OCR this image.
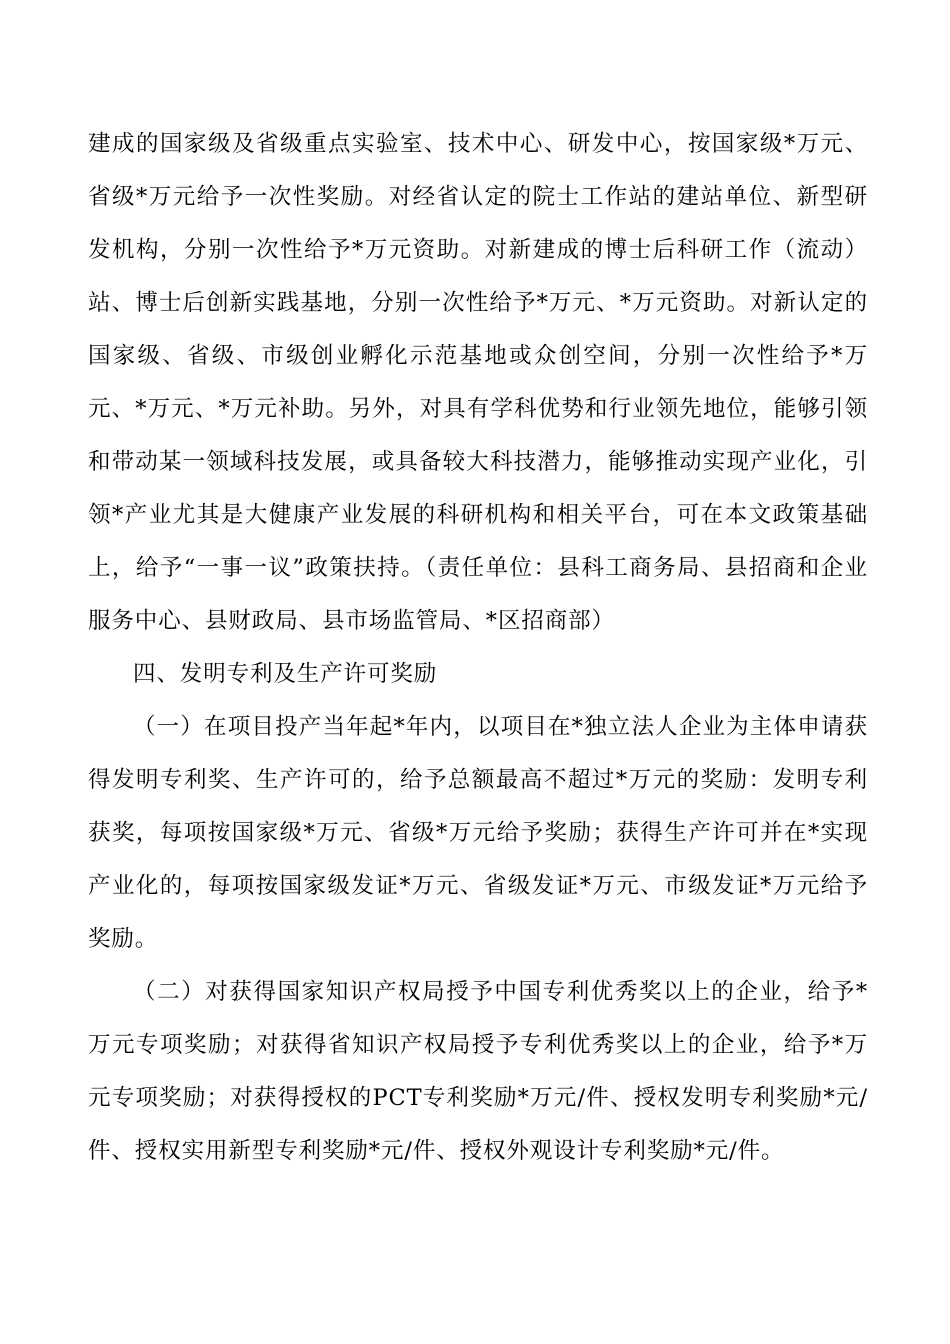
建成的国家级及省级重点实验室、技术中心、研发中心，按国家级*万元、省级*万元给予一次性奖励。对经省认定的院士工作站的建站单位、新型研发机构，分别一次性给予*万元资助。对新建成的博士后科研工作（流动）站、博士后创新实践基地，分别一次性给予*万元、*万元资助。对新认定的国家级、省级、市级创业孵化示范基地或众创空间，分别一次性给予*万元、*万元、*万元补助。另外，对具有学科优势和行业领先地位，能够引领和带动某一领域科技发展，或具备较大科技潜力，能够推动实现产业化，引领*产业尤其是大健康产业发展的科研机构和相关平台，可在本文政策基础上，给予“一事一议”政策扶持。（责任单位：县科工商务局、县招商和企业服务中心、县财政局、县市场监管局、*区招商部）

四、发明专利及生产许可奖励

（一）在项目投产当年起*年内，以项目在*独立法人企业为主体申请获得发明专利奖、生产许可的，给予总额最高不超过*万元的奖励：发明专利获奖，每项按国家级*万元、省级*万元给予奖励；获得生产许可并在*实现产业化的，每项按国家级发证*万元、省级发证*万元、市级发证*万元给予奖励。

（二）对获得国家知识产权局授予中国专利优秀奖以上的企业，给予*万元专项奖励；对获得省知识产权局授予专利优秀奖以上的企业，给予*万元专项奖励；对获得授权的PCT专利奖励*万元/件、授权发明专利奖励*元/件、授权实用新型专利奖励*元/件、授权外观设计专利奖励*元/件。
